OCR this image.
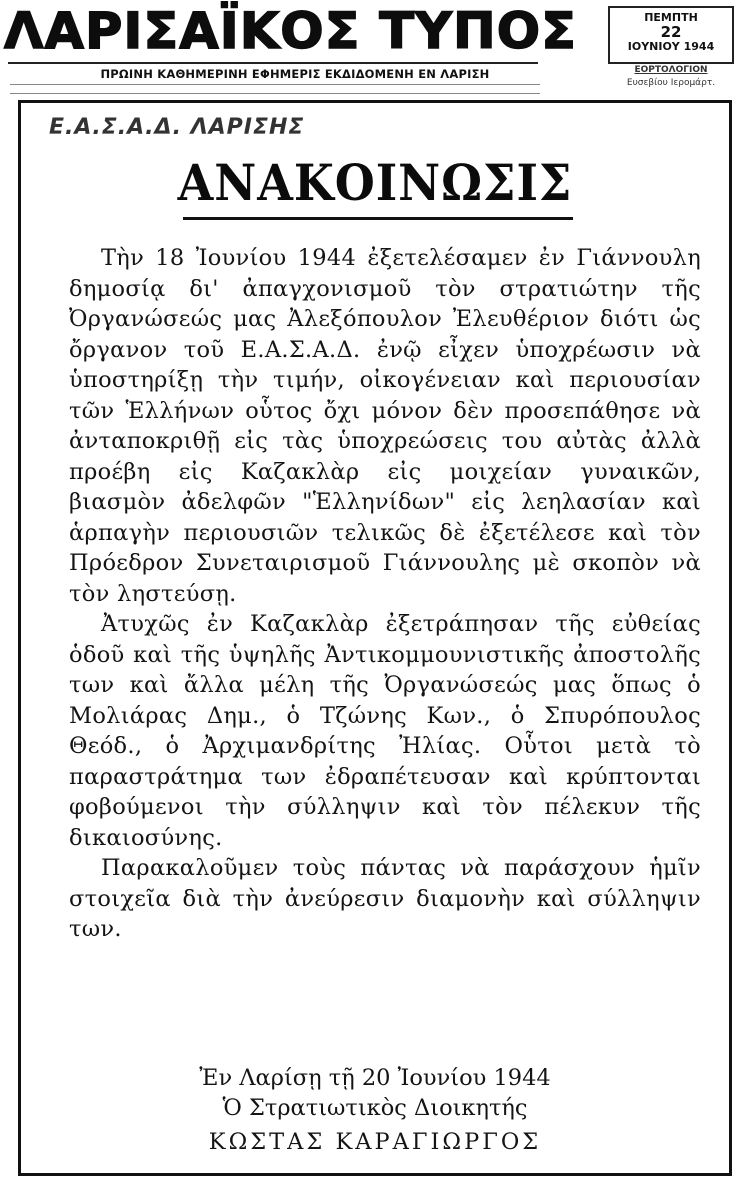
ΛΑΡΙΣΑΪΚΟΣ ΤΥΠΟΣ
ΠΡΩΙΝΗ ΚΑΘΗΜΕΡΙΝΗ ΕΦΗΜΕΡΙΣ ΕΚΔΙΔΟΜΕΝΗ ΕΝ ΛΑΡΙΣΗ
ΠΕΜΠΤΗ
22
ΙΟΥΝΙΟΥ 1944
ΕΟΡΤΟΛΟΓΙΟΝ
Ευσεβίου Ιερομάρτ.
Ε.Α.Σ.Α.Δ. ΛΑΡΙΣΗΣ
ΑΝΑΚΟΙΝΩΣΙΣ

Τὴν 18 Ἰουνίου 1944 ἐξετελέσαμεν ἐν Γιάννουλη δημοσίᾳ δι' ἀπαγχονισμοῦ τὸν στρατιώτην τῆς Ὀργανώσεώς μας Ἀλεξόπουλον Ἐλευθέριον διότι ὡς ὄργανον τοῦ Ε.Α.Σ.Α.Δ. ἐνῷ εἶχεν ὑποχρέωσιν νὰ ὑποστηρίξῃ τὴν τιμήν, οἰκογένειαν καὶ περιουσίαν τῶν Ἑλλήνων οὗτος ὄχι μόνον δὲν προσεπάθησε νὰ ἀνταποκριθῇ εἰς τὰς ὑποχρεώσεις του αὐτὰς ἀλλὰ προέβη εἰς Καζακλὰρ εἰς μοιχείαν γυναικῶν, βιασμὸν ἀδελφῶν "Ἑλληνίδων" εἰς λεηλασίαν καὶ ἁρπαγὴν περιουσιῶν τελικῶς δὲ ἐξετέλεσε καὶ τὸν Πρόεδρον Συνεταιρισμοῦ Γιάννουλης μὲ σκοπὸν νὰ τὸν ληστεύσῃ.

Ἀτυχῶς ἐν Καζακλὰρ ἐξετράπησαν τῆς εὐθείας ὁδοῦ καὶ τῆς ὑψηλῆς Ἀντικομμουνιστικῆς ἀποστολῆς των καὶ ἄλλα μέλη τῆς Ὀργανώσεώς μας ὅπως ὁ Μολιάρας Δημ., ὁ Τζώνης Κων., ὁ Σπυρόπουλος Θεόδ., ὁ Ἀρχιμανδρίτης Ἠλίας. Οὗτοι μετὰ τὸ παραστράτημα των ἐδραπέτευσαν καὶ κρύπτονται φοβούμενοι τὴν σύλληψιν καὶ τὸν πέλεκυν τῆς δικαιοσύνης.

Παρακαλοῦμεν τοὺς πάντας νὰ παράσχουν ἡμῖν στοιχεῖα διὰ τὴν ἀνεύρεσιν διαμονὴν καὶ σύλληψιν των.

Ἐν Λαρίσῃ τῇ 20 Ἰουνίου 1944
Ὁ Στρατιωτικὸς Διοικητής
ΚΩΣΤΑΣ ΚΑΡΑΓΙΩΡΓΟΣ
